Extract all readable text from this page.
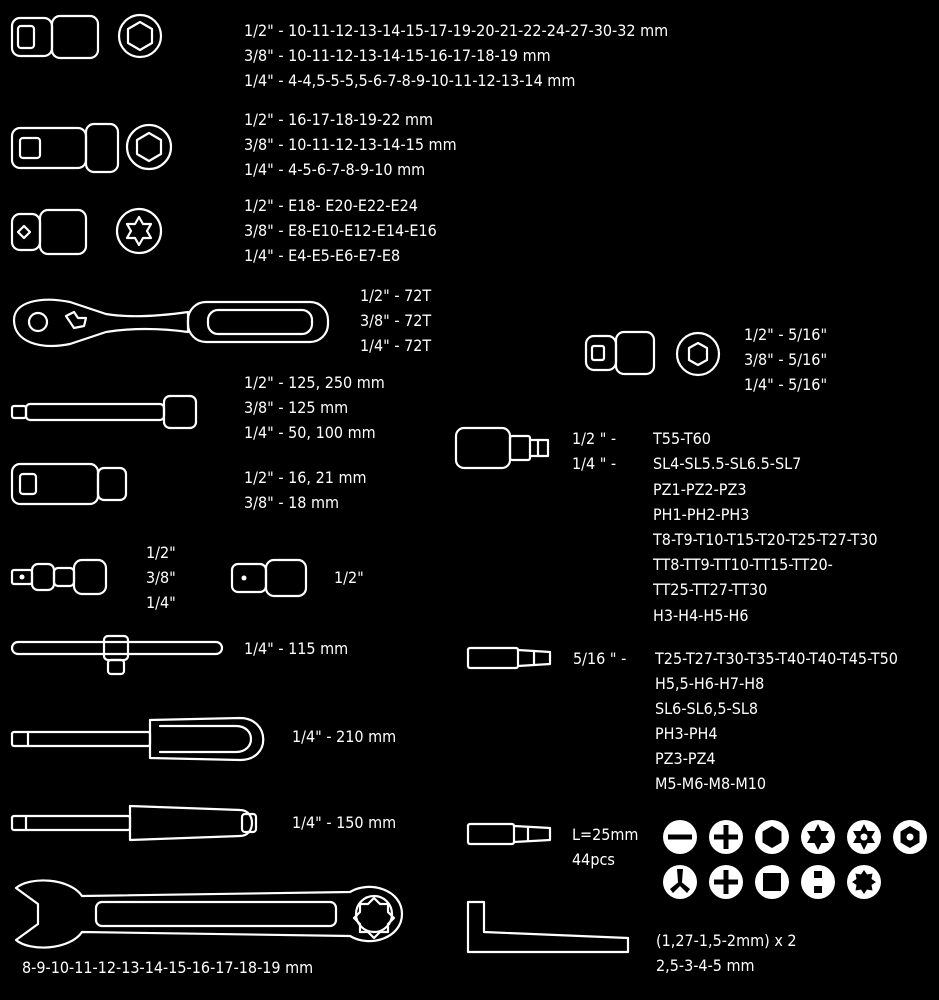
1/2" - 10-11-12-13-14-15-17-19-20-21-22-24-27-30-32 mm
3/8" - 10-11-12-13-14-15-16-17-18-19 mm
1/4" - 4-4,5-5-5,5-6-7-8-9-10-11-12-13-14 mm
1/2" - 16-17-18-19-22 mm
3/8" - 10-11-12-13-14-15 mm
1/4" - 4-5-6-7-8-9-10 mm
1/2" - E18- E20-E22-E24
3/8" - E8-E10-E12-E14-E16
1/4" - E4-E5-E6-E7-E8
1/2" - 72T
3/8" - 72T
1/4" - 72T
1/2" - 125, 250 mm
3/8" - 125 mm
1/4" - 50, 100 mm
1/2" - 16, 21 mm
3/8" - 18 mm
1/2"
3/8"
1/4"
1/2"
1/4" - 115 mm
1/4" - 210 mm
1/4" - 150 mm
8-9-10-11-12-13-14-15-16-17-18-19 mm
1/2" - 5/16"
3/8" - 5/16"
1/4" - 5/16"
1/2 " - T55-T60
1/4 " - SL4-SL5.5-SL6.5-SL7
PZ1-PZ2-PZ3
PH1-PH2-PH3
T8-T9-T10-T15-T20-T25-T27-T30
TT8-TT9-TT10-TT15-TT20-
TT25-TT27-TT30
H3-H4-H5-H6
5/16 " - T25-T27-T30-T35-T40-T40-T45-T50
H5,5-H6-H7-H8
SL6-SL6,5-SL8
PH3-PH4
PZ3-PZ4
M5-M6-M8-M10
L=25mm
44pcs
(1,27-1,5-2mm) x 2
2,5-3-4-5 mm
